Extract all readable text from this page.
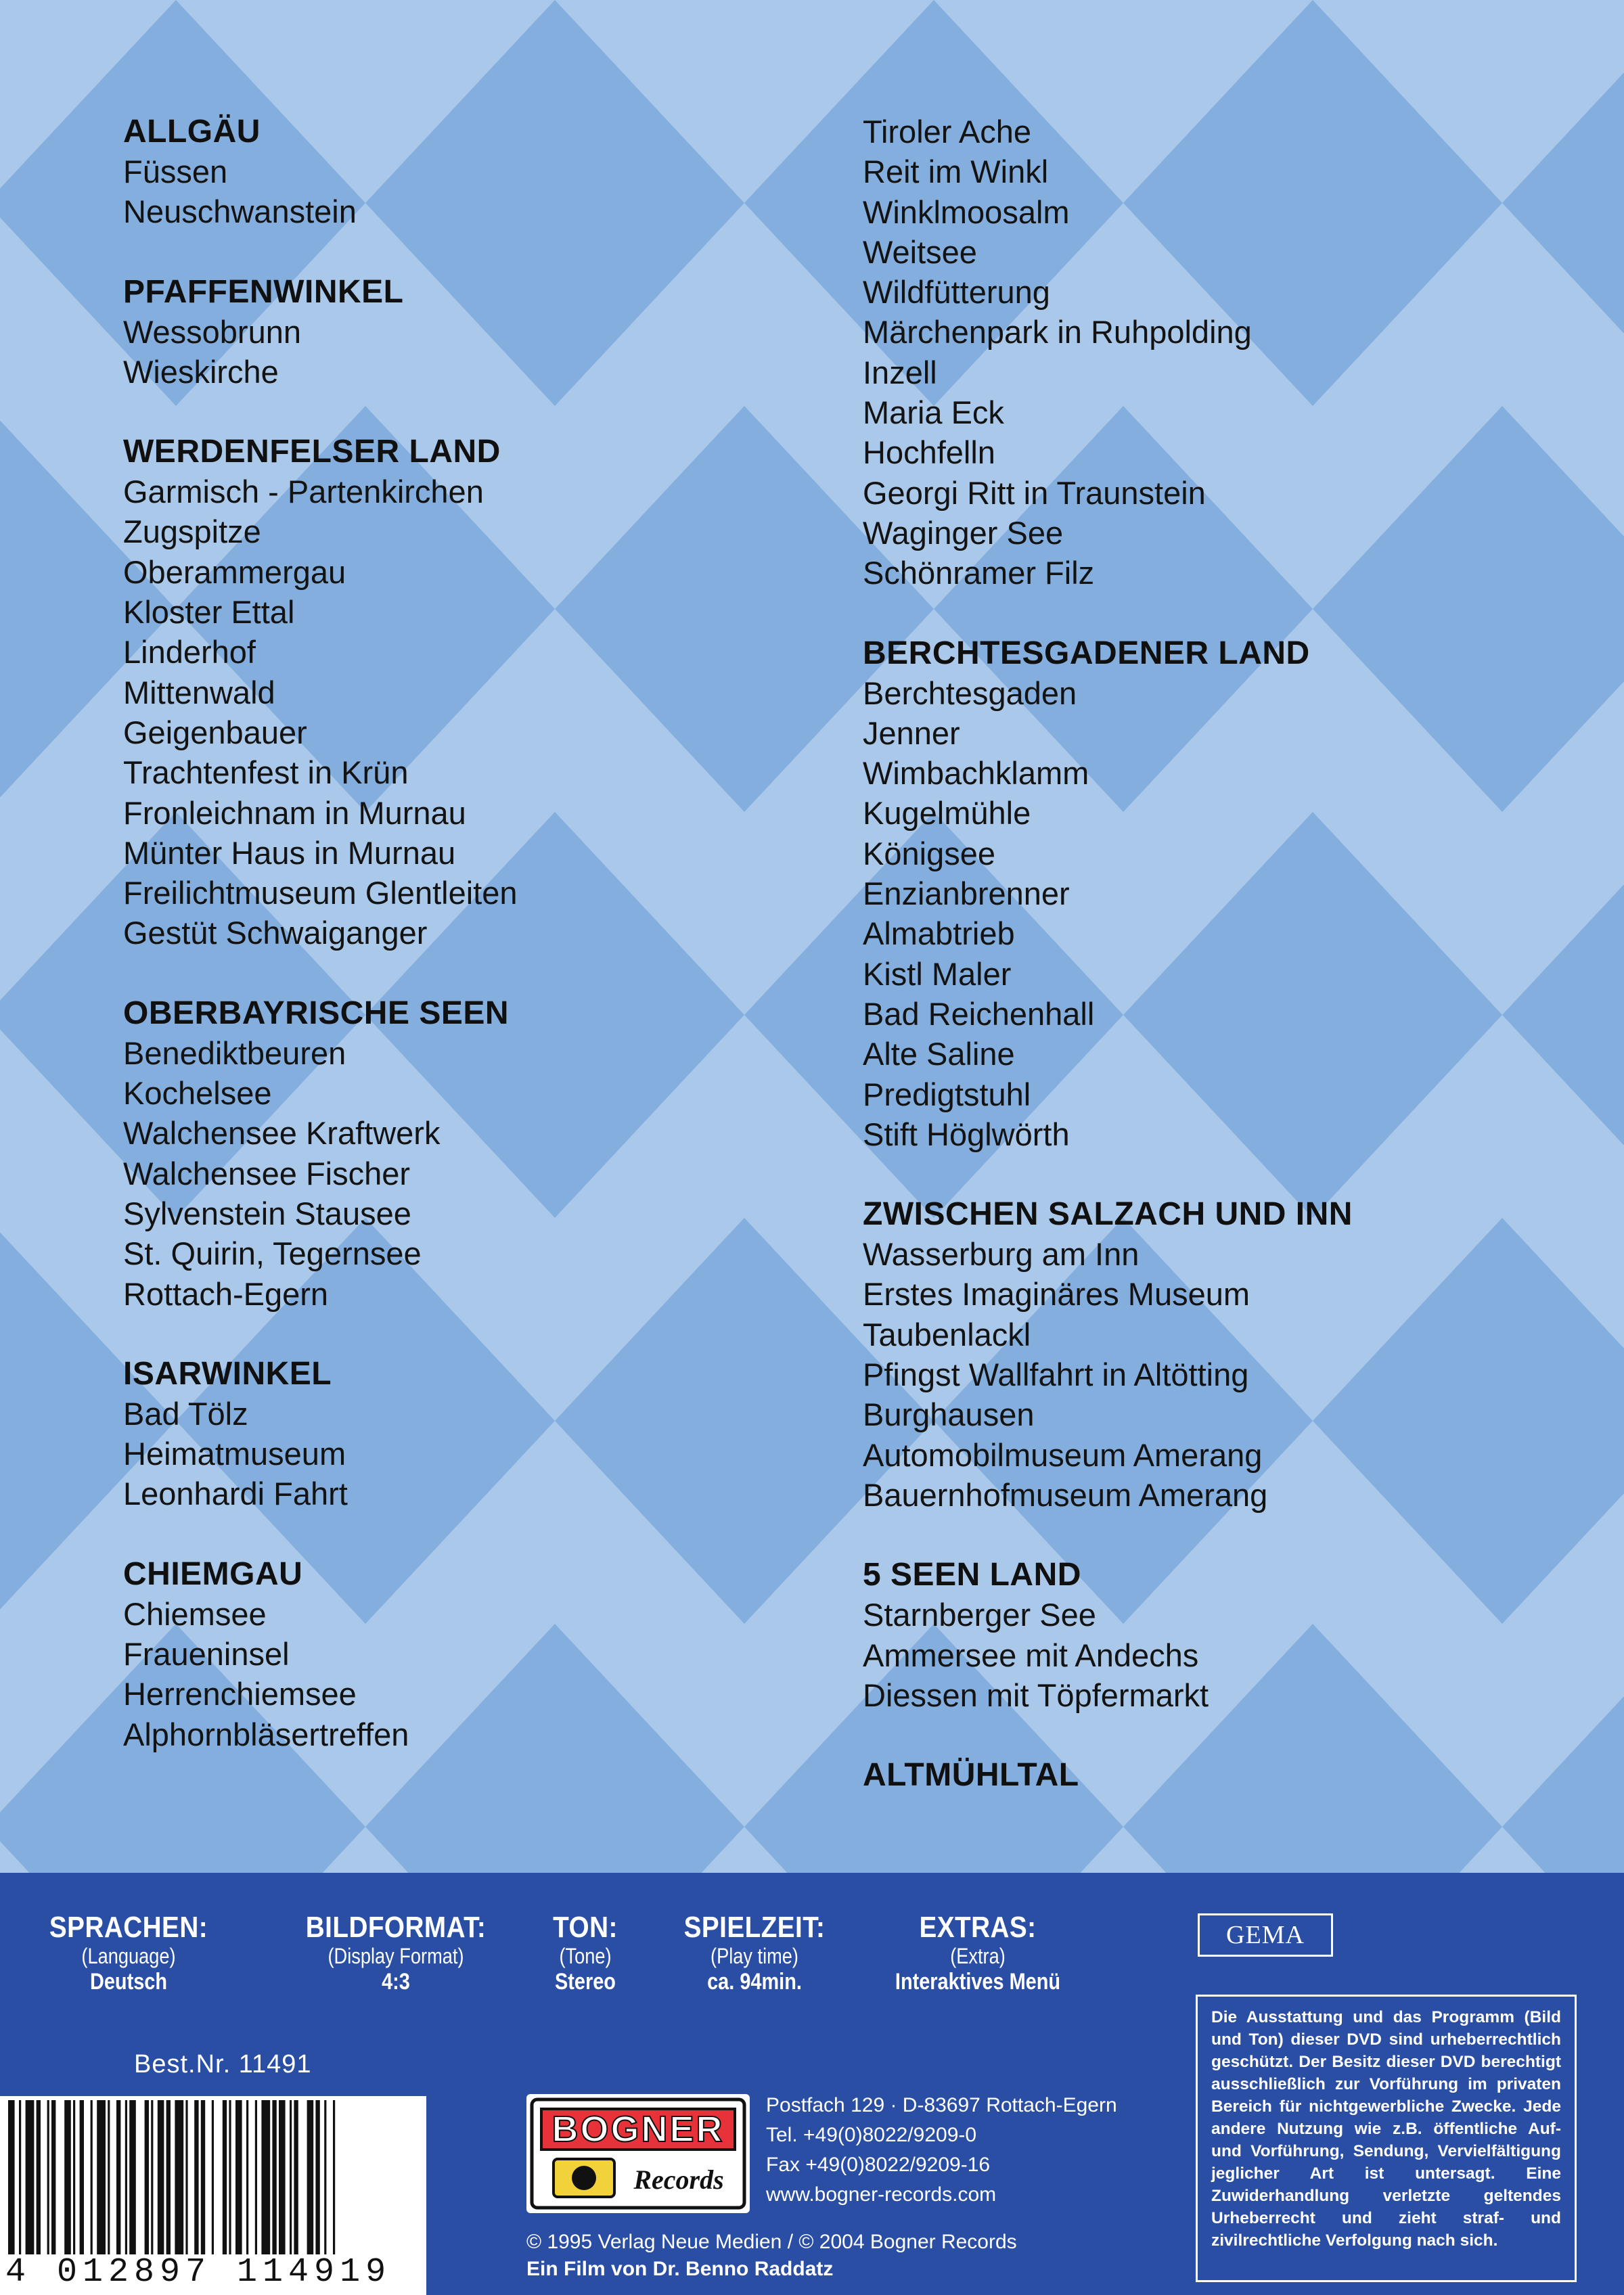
ALLGÄU
Füssen
Neuschwanstein
PFAFFENWINKEL
Wessobrunn
Wieskirche
WERDENFELSER LAND
Garmisch - Partenkirchen
Zugspitze
Oberammergau
Kloster Ettal
Linderhof
Mittenwald
Geigenbauer
Trachtenfest in Krün
Fronleichnam in Murnau
Münter Haus in Murnau
Freilichtmuseum Glentleiten
Gestüt Schwaiganger
OBERBAYRISCHE SEEN
Benediktbeuren
Kochelsee
Walchensee Kraftwerk
Walchensee Fischer
Sylvenstein Stausee
St. Quirin, Tegernsee
Rottach-Egern
ISARWINKEL
Bad Tölz
Heimatmuseum
Leonhardi Fahrt
CHIEMGAU
Chiemsee
Fraueninsel
Herrenchiemsee
Alphornbläsertreffen
Tiroler Ache
Reit im Winkl
Winklmoosalm
Weitsee
Wildfütterung
Märchenpark in Ruhpolding
Inzell
Maria Eck
Hochfelln
Georgi Ritt in Traunstein
Waginger See
Schönramer Filz
BERCHTESGADENER LAND
Berchtesgaden
Jenner
Wimbachklamm
Kugelmühle
Königsee
Enzianbrenner
Almabtrieb
Kistl Maler
Bad Reichenhall
Alte Saline
Predigtstuhl
Stift Höglwörth
ZWISCHEN SALZACH UND INN
Wasserburg am Inn
Erstes Imaginäres Museum
Taubenlackl
Pfingst Wallfahrt in Altötting
Burghausen
Automobilmuseum Amerang
Bauernhofmuseum Amerang
5 SEEN LAND
Starnberger See
Ammersee mit Andechs
Diessen mit Töpfermarkt
ALTMÜHLTAL
SPRACHEN:
(Language)
Deutsch
BILDFORMAT:
(Display Format)
4:3
TON:
(Tone)
Stereo
SPIELZEIT:
(Play time)
ca. 94min.
EXTRAS:
(Extra)
Interaktives Menü
GEMA
Die Ausstattung und das Programm (Bild und Ton) dieser DVD sind urheberrechtlich geschützt. Der Besitz dieser DVD berechtigt ausschließlich zur Vorführung im privaten Bereich für nichtgewerbliche Zwecke. Jede andere Nutzung wie z.B. öffentliche Auf- und Vorführung, Sendung, Vervielfältigung jeglicher Art ist untersagt. Eine Zuwiderhandlung verletzte geltendes Urheberrecht und zieht straf- und zivilrechtliche Verfolgung nach sich.
Best.Nr. 11491
4 012897 114919
BOGNER
Records
Postfach 129 · D-83697 Rottach-Egern
Tel. +49(0)8022/9209-0
Fax +49(0)8022/9209-16
www.bogner-records.com
© 1995 Verlag Neue Medien / © 2004 Bogner Records
Ein Film von Dr. Benno Raddatz
